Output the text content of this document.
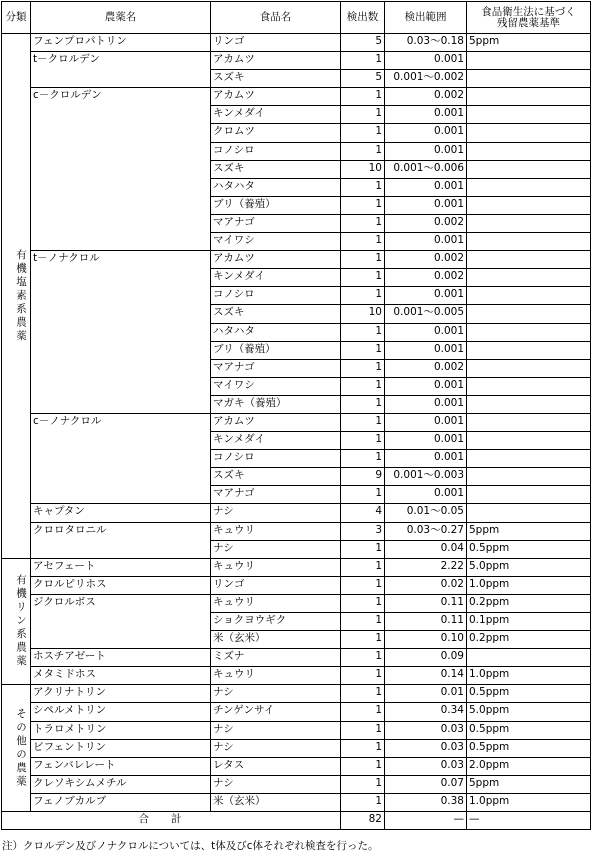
分類	農薬名	食品名	検出数	検出範囲	食品衛生法に基づく
残留農薬基準
有機塩素系農薬	フェンプロパトリン	リンゴ	5	0.03～0.18	5ppm
	t－クロルデン	アカムツ	1	0.001	
		スズキ	5	0.001～0.002	
	c－クロルデン	アカムツ	1	0.002	
		キンメダイ	1	0.001	
		クロムツ	1	0.001	
		コノシロ	1	0.001	
		スズキ	10	0.001～0.006	
		ハタハタ	1	0.001	
		ブリ（養殖）	1	0.001	
		マアナゴ	1	0.002	
		マイワシ	1	0.001	
	t－ノナクロル	アカムツ	1	0.002	
		キンメダイ	1	0.002	
		コノシロ	1	0.001	
		スズキ	10	0.001～0.005	
		ハタハタ	1	0.001	
		ブリ（養殖）	1	0.001	
		マアナゴ	1	0.002	
		マイワシ	1	0.001	
		マガキ（養殖）	1	0.001	
	c－ノナクロル	アカムツ	1	0.001	
		キンメダイ	1	0.001	
		コノシロ	1	0.001	
		スズキ	9	0.001～0.003	
		マアナゴ	1	0.001	
	キャプタン	ナシ	4	0.01～0.05	
	クロロタロニル	キュウリ	3	0.03～0.27	5ppm
		ナシ	1	0.04	0.5ppm
有機リン系農薬	アセフェート	キュウリ	1	2.22	5.0ppm
	クロルピリホス	リンゴ	1	0.02	1.0ppm
	ジクロルボス	キュウリ	1	0.11	0.2ppm
		ショクヨウギク	1	0.11	0.1ppm
		米（玄米）	1	0.10	0.2ppm
	ホスチアゼート	ミズナ	1	0.09	
	メタミドホス	キュウリ	1	0.14	1.0ppm
その他の農薬	アクリナトリン	ナシ	1	0.01	0.5ppm
	シペルメトリン	チンゲンサイ	1	0.34	5.0ppm
	トラロメトリン	ナシ	1	0.03	0.5ppm
	ビフェントリン	ナシ	1	0.03	0.5ppm
	フェンバレレート	レタス	1	0.03	2.0ppm
	クレソキシムメチル	ナシ	1	0.07	5ppm
	フェノブカルブ	米（玄米）	1	0.38	1.0ppm
合計			82	—	—
注）クロルデン及びノナクロルについては、t体及びc体それぞれ検査を行った。
